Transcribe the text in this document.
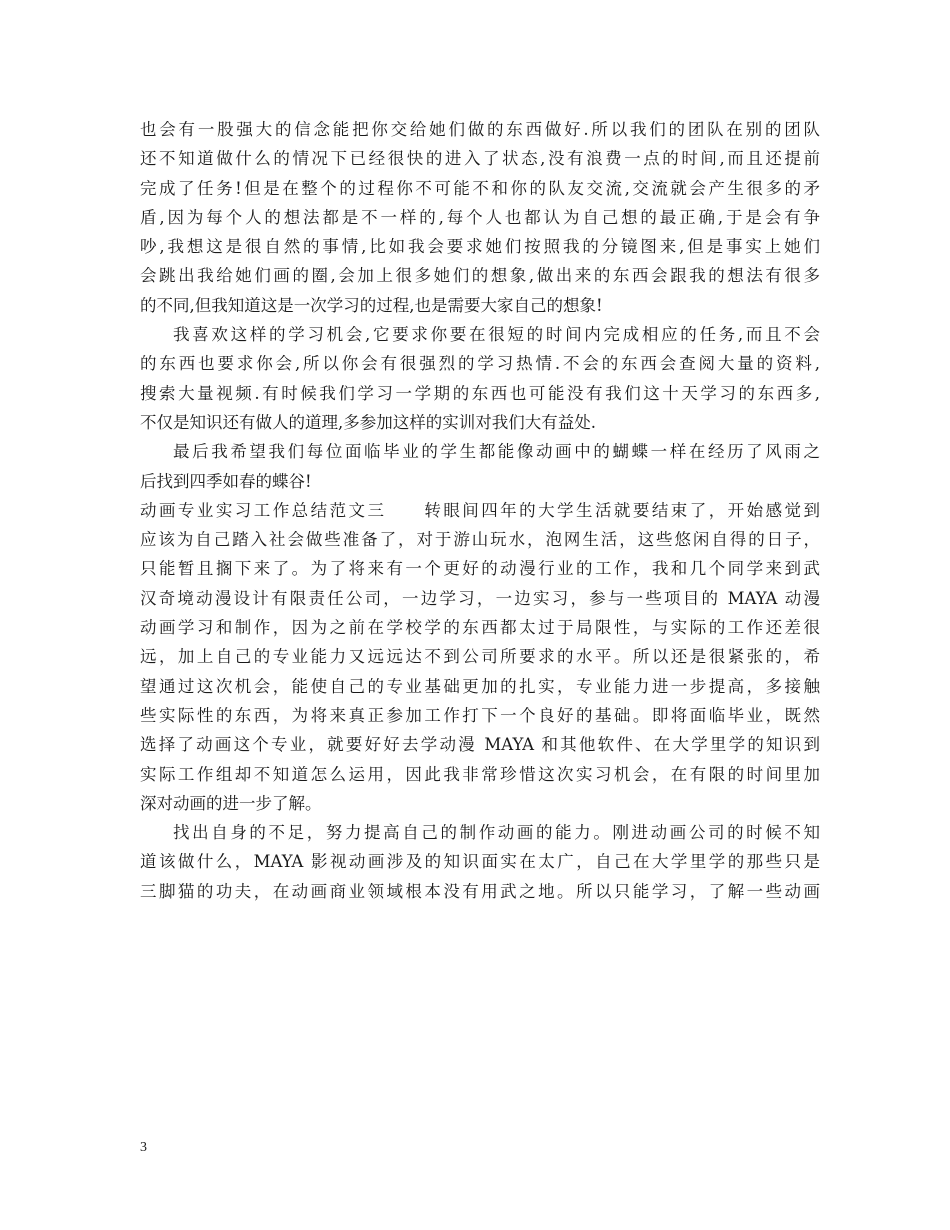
也会有一股强大的信念能把你交给她们做的东西做好.所以我们的团队在别的团队
还不知道做什么的情况下已经很快的进入了状态,没有浪费一点的时间,而且还提前
完成了任务!但是在整个的过程你不可能不和你的队友交流,交流就会产生很多的矛
盾,因为每个人的想法都是不一样的,每个人也都认为自己想的最正确,于是会有争
吵,我想这是很自然的事情,比如我会要求她们按照我的分镜图来,但是事实上她们
会跳出我给她们画的圈,会加上很多她们的想象,做出来的东西会跟我的想法有很多
的不同,但我知道这是一次学习的过程,也是需要大家自己的想象!
我喜欢这样的学习机会,它要求你要在很短的时间内完成相应的任务,而且不会
的东西也要求你会,所以你会有很强烈的学习热情.不会的东西会查阅大量的资料,
搜索大量视频.有时候我们学习一学期的东西也可能没有我们这十天学习的东西多,
不仅是知识还有做人的道理,多参加这样的实训对我们大有益处.
最后我希望我们每位面临毕业的学生都能像动画中的蝴蝶一样在经历了风雨之
后找到四季如春的蝶谷!
动画专业实习工作总结范文三　　转眼间四年的大学生活就要结束了，开始感觉到
应该为自己踏入社会做些准备了，对于游山玩水，泡网生活，这些悠闲自得的日子，
只能暂且搁下来了。为了将来有一个更好的动漫行业的工作，我和几个同学来到武
汉奇境动漫设计有限责任公司，一边学习，一边实习，参与一些项目的 MAYA 动漫
动画学习和制作，因为之前在学校学的东西都太过于局限性，与实际的工作还差很
远，加上自己的专业能力又远远达不到公司所要求的水平。所以还是很紧张的，希
望通过这次机会，能使自己的专业基础更加的扎实，专业能力进一步提高，多接触
些实际性的东西，为将来真正参加工作打下一个良好的基础。即将面临毕业，既然
选择了动画这个专业，就要好好去学动漫 MAYA 和其他软件、在大学里学的知识到
实际工作组却不知道怎么运用，因此我非常珍惜这次实习机会，在有限的时间里加
深对动画的进一步了解。
找出自身的不足，努力提高自己的制作动画的能力。刚进动画公司的时候不知
道该做什么，MAYA 影视动画涉及的知识面实在太广，自己在大学里学的那些只是
三脚猫的功夫，在动画商业领域根本没有用武之地。所以只能学习，了解一些动画
3
